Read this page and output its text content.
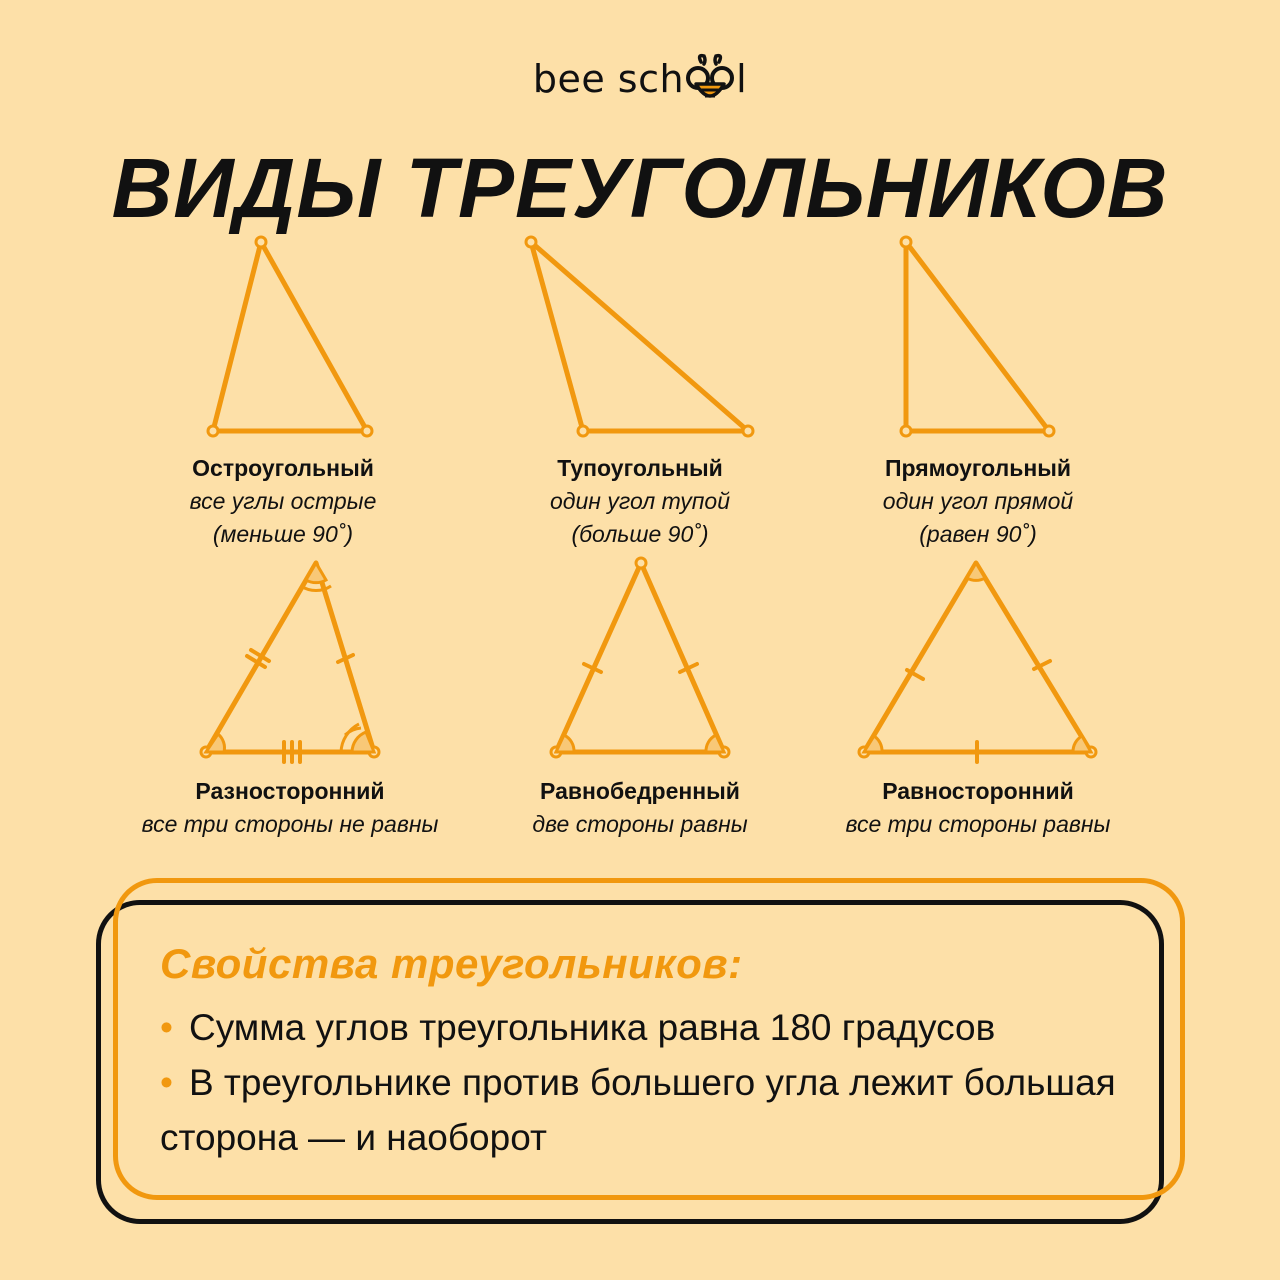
bee sch l
ВИДЫ ТРЕУГОЛЬНИКОВ
Остроугольный
все углы острые
(меньше 90˚)
Тупоугольный
один угол тупой
(больше 90˚)
Прямоугольный
один угол прямой
(равен 90˚)
Разносторонний
все три стороны не равны
Равнобедренный
две стороны равны
Равносторонний
все три стороны равны
Свойства треугольников:
• Сумма углов треугольника равна 180 градусов
• В треугольнике против большего угла лежит большая сторона — и наоборот
